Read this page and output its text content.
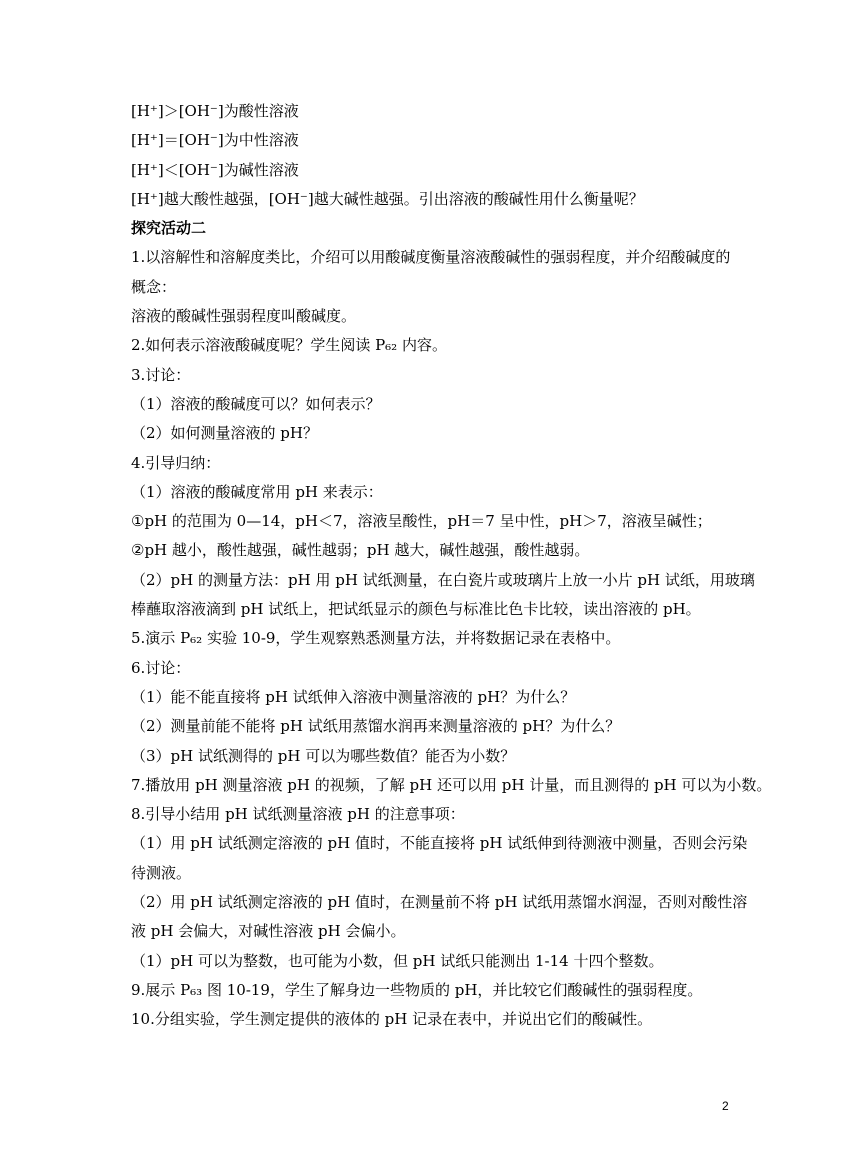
[H⁺]＞[OH⁻]为酸性溶液
[H⁺]＝[OH⁻]为中性溶液
[H⁺]＜[OH⁻]为碱性溶液
[H⁺]越大酸性越强，[OH⁻]越大碱性越强。引出溶液的酸碱性用什么衡量呢？
探究活动二
1.以溶解性和溶解度类比，介绍可以用酸碱度衡量溶液酸碱性的强弱程度，并介绍酸碱度的
概念：
溶液的酸碱性强弱程度叫酸碱度。
2.如何表示溶液酸碱度呢？学生阅读 P₆₂ 内容。
3.讨论：
（1）溶液的酸碱度可以？如何表示？
（2）如何测量溶液的 pH？
4.引导归纳：
（1）溶液的酸碱度常用 pH 来表示：
①pH 的范围为 0—14，pH＜7，溶液呈酸性，pH＝7 呈中性，pH＞7，溶液呈碱性；
②pH 越小，酸性越强，碱性越弱；pH 越大，碱性越强，酸性越弱。
（2）pH 的测量方法：pH 用 pH 试纸测量，在白瓷片或玻璃片上放一小片 pH 试纸，用玻璃
棒蘸取溶液滴到 pH 试纸上，把试纸显示的颜色与标准比色卡比较，读出溶液的 pH。
5.演示 P₆₂ 实验 10-9，学生观察熟悉测量方法，并将数据记录在表格中。
6.讨论：
（1）能不能直接将 pH 试纸伸入溶液中测量溶液的 pH？为什么？
（2）测量前能不能将 pH 试纸用蒸馏水润再来测量溶液的 pH？为什么？
（3）pH 试纸测得的 pH 可以为哪些数值？能否为小数？
7.播放用 pH 测量溶液 pH 的视频，了解 pH 还可以用 pH 计量，而且测得的 pH 可以为小数。
8.引导小结用 pH 试纸测量溶液 pH 的注意事项：
（1）用 pH 试纸测定溶液的 pH 值时，不能直接将 pH 试纸伸到待测液中测量，否则会污染
待测液。
（2）用 pH 试纸测定溶液的 pH 值时，在测量前不将 pH 试纸用蒸馏水润湿，否则对酸性溶
液 pH 会偏大，对碱性溶液 pH 会偏小。
（1）pH 可以为整数，也可能为小数，但 pH 试纸只能测出 1-14 十四个整数。
9.展示 P₆₃ 图 10-19，学生了解身边一些物质的 pH，并比较它们酸碱性的强弱程度。
10.分组实验，学生测定提供的液体的 pH 记录在表中，并说出它们的酸碱性。
2
